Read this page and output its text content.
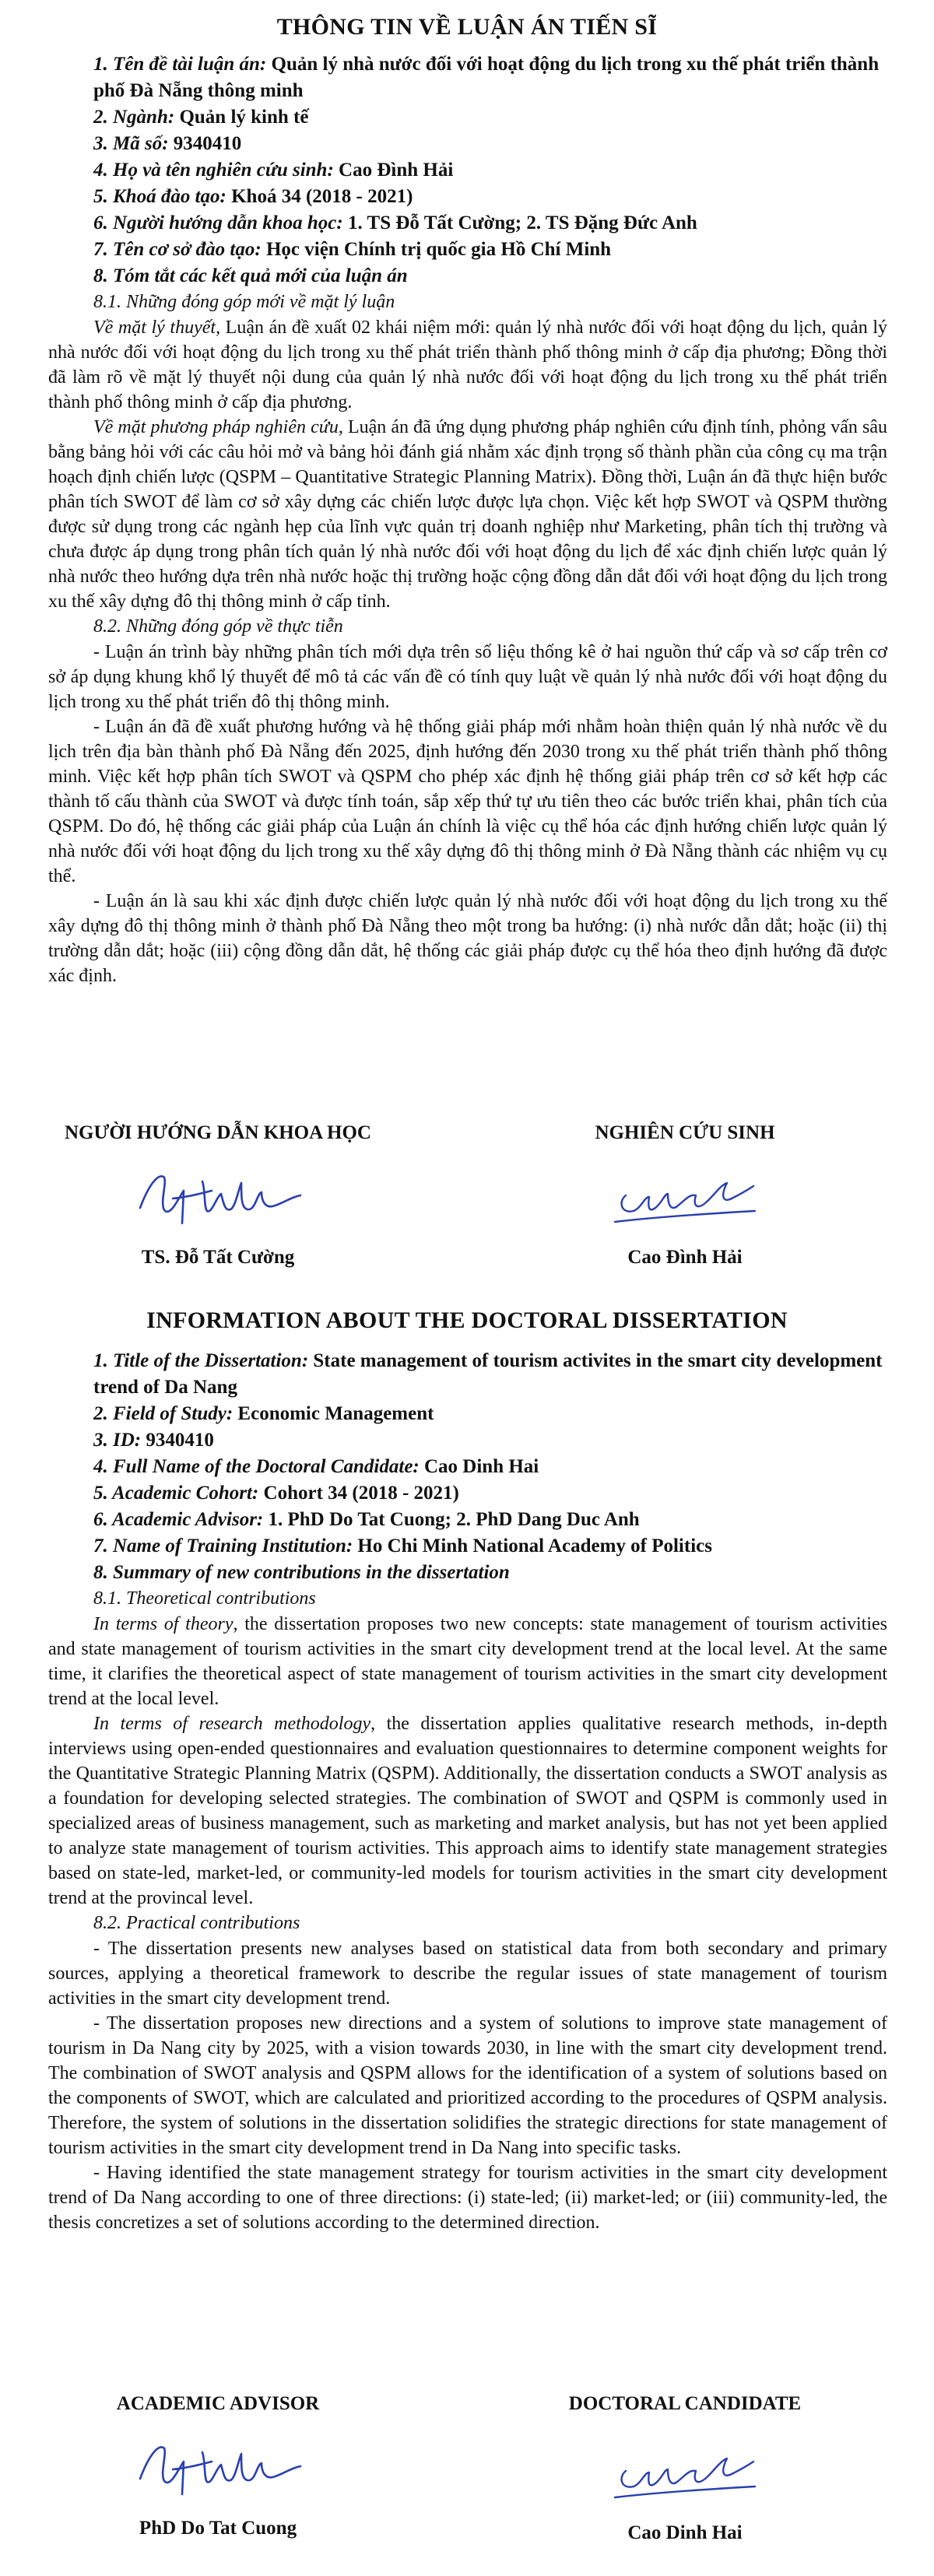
THÔNG TIN VỀ LUẬN ÁN TIẾN SĨ
1. Tên đề tài luận án: Quản lý nhà nước đối với hoạt động du lịch trong xu thế phát triển thành phố Đà Nẵng thông minh
2. Ngành: Quản lý kinh tế
3. Mã số: 9340410
4. Họ và tên nghiên cứu sinh: Cao Đình Hải
5. Khoá đào tạo: Khoá 34 (2018 - 2021)
6. Người hướng dẫn khoa học: 1. TS Đỗ Tất Cường; 2. TS Đặng Đức Anh
7. Tên cơ sở đào tạo: Học viện Chính trị quốc gia Hồ Chí Minh
8. Tóm tắt các kết quả mới của luận án
8.1. Những đóng góp mới về mặt lý luận

Về mặt lý thuyết, Luận án đề xuất 02 khái niệm mới: quản lý nhà nước đối với hoạt động du lịch, quản lý nhà nước đối với hoạt động du lịch trong xu thế phát triển thành phố thông minh ở cấp địa phương; Đồng thời đã làm rõ về mặt lý thuyết nội dung của quản lý nhà nước đối với hoạt động du lịch trong xu thế phát triển thành phố thông minh ở cấp địa phương.

Về mặt phương pháp nghiên cứu, Luận án đã ứng dụng phương pháp nghiên cứu định tính, phỏng vấn sâu bằng bảng hỏi với các câu hỏi mở và bảng hỏi đánh giá nhằm xác định trọng số thành phần của công cụ ma trận hoạch định chiến lược (QSPM – Quantitative Strategic Planning Matrix). Đồng thời, Luận án đã thực hiện bước phân tích SWOT để làm cơ sở xây dựng các chiến lược được lựa chọn. Việc kết hợp SWOT và QSPM thường được sử dụng trong các ngành hẹp của lĩnh vực quản trị doanh nghiệp như Marketing, phân tích thị trường và chưa được áp dụng trong phân tích quản lý nhà nước đối với hoạt động du lịch để xác định chiến lược quản lý nhà nước theo hướng dựa trên nhà nước hoặc thị trường hoặc cộng đồng dẫn dắt đối với hoạt động du lịch trong xu thế xây dựng đô thị thông minh ở cấp tỉnh.

8.2. Những đóng góp về thực tiễn

- Luận án trình bày những phân tích mới dựa trên số liệu thống kê ở hai nguồn thứ cấp và sơ cấp trên cơ sở áp dụng khung khổ lý thuyết để mô tả các vấn đề có tính quy luật về quản lý nhà nước đối với hoạt động du lịch trong xu thế phát triển đô thị thông minh.

- Luận án đã đề xuất phương hướng và hệ thống giải pháp mới nhằm hoàn thiện quản lý nhà nước về du lịch trên địa bàn thành phố Đà Nẵng đến 2025, định hướng đến 2030 trong xu thế phát triển thành phố thông minh. Việc kết hợp phân tích SWOT và QSPM cho phép xác định hệ thống giải pháp trên cơ sở kết hợp các thành tố cấu thành của SWOT và được tính toán, sắp xếp thứ tự ưu tiên theo các bước triển khai, phân tích của QSPM. Do đó, hệ thống các giải pháp của Luận án chính là việc cụ thể hóa các định hướng chiến lược quản lý nhà nước đối với hoạt động du lịch trong xu thế xây dựng đô thị thông minh ở Đà Nẵng thành các nhiệm vụ cụ thể.

- Luận án là sau khi xác định được chiến lược quản lý nhà nước đối với hoạt động du lịch trong xu thế xây dựng đô thị thông minh ở thành phố Đà Nẵng theo một trong ba hướng: (i) nhà nước dẫn dắt; hoặc (ii) thị trường dẫn dắt; hoặc (iii) cộng đồng dẫn dắt, hệ thống các giải pháp được cụ thể hóa theo định hướng đã được xác định.

NGƯỜI HƯỚNG DẪN KHOA HỌC
TS. Đỗ Tất Cường
NGHIÊN CỨU SINH
Cao Đình Hải
INFORMATION ABOUT THE DOCTORAL DISSERTATION
1. Title of the Dissertation: State management of tourism activites in the smart city development trend of Da Nang
2. Field of Study: Economic Management
3. ID: 9340410
4. Full Name of the Doctoral Candidate: Cao Dinh Hai
5. Academic Cohort: Cohort 34 (2018 - 2021)
6. Academic Advisor: 1. PhD Do Tat Cuong; 2. PhD Dang Duc Anh
7. Name of Training Institution: Ho Chi Minh National Academy of Politics
8. Summary of new contributions in the dissertation
8.1. Theoretical contributions

In terms of theory, the dissertation proposes two new concepts: state management of tourism activities and state management of tourism activities in the smart city development trend at the local level. At the same time, it clarifies the theoretical aspect of state management of tourism activities in the smart city development trend at the local level.

In terms of research methodology, the dissertation applies qualitative research methods, in-depth interviews using open-ended questionnaires and evaluation questionnaires to determine component weights for the Quantitative Strategic Planning Matrix (QSPM). Additionally, the dissertation conducts a SWOT analysis as a foundation for developing selected strategies. The combination of SWOT and QSPM is commonly used in specialized areas of business management, such as marketing and market analysis, but has not yet been applied to analyze state management of tourism activities. This approach aims to identify state management strategies based on state-led, market-led, or community-led models for tourism activities in the smart city development trend at the provincal level.

8.2. Practical contributions

- The dissertation presents new analyses based on statistical data from both secondary and primary sources, applying a theoretical framework to describe the regular issues of state management of tourism activities in the smart city development trend.

- The dissertation proposes new directions and a system of solutions to improve state management of tourism in Da Nang city by 2025, with a vision towards 2030, in line with the smart city development trend. The combination of SWOT analysis and QSPM allows for the identification of a system of solutions based on the components of SWOT, which are calculated and prioritized according to the procedures of QSPM analysis. Therefore, the system of solutions in the dissertation solidifies the strategic directions for state management of tourism activities in the smart city development trend in Da Nang into specific tasks.

- Having identified the state management strategy for tourism activities in the smart city development trend of Da Nang according to one of three directions: (i) state-led; (ii) market-led; or (iii) community-led, the thesis concretizes a set of solutions according to the determined direction.

ACADEMIC ADVISOR
PhD Do Tat Cuong
DOCTORAL CANDIDATE
Cao Dinh Hai
